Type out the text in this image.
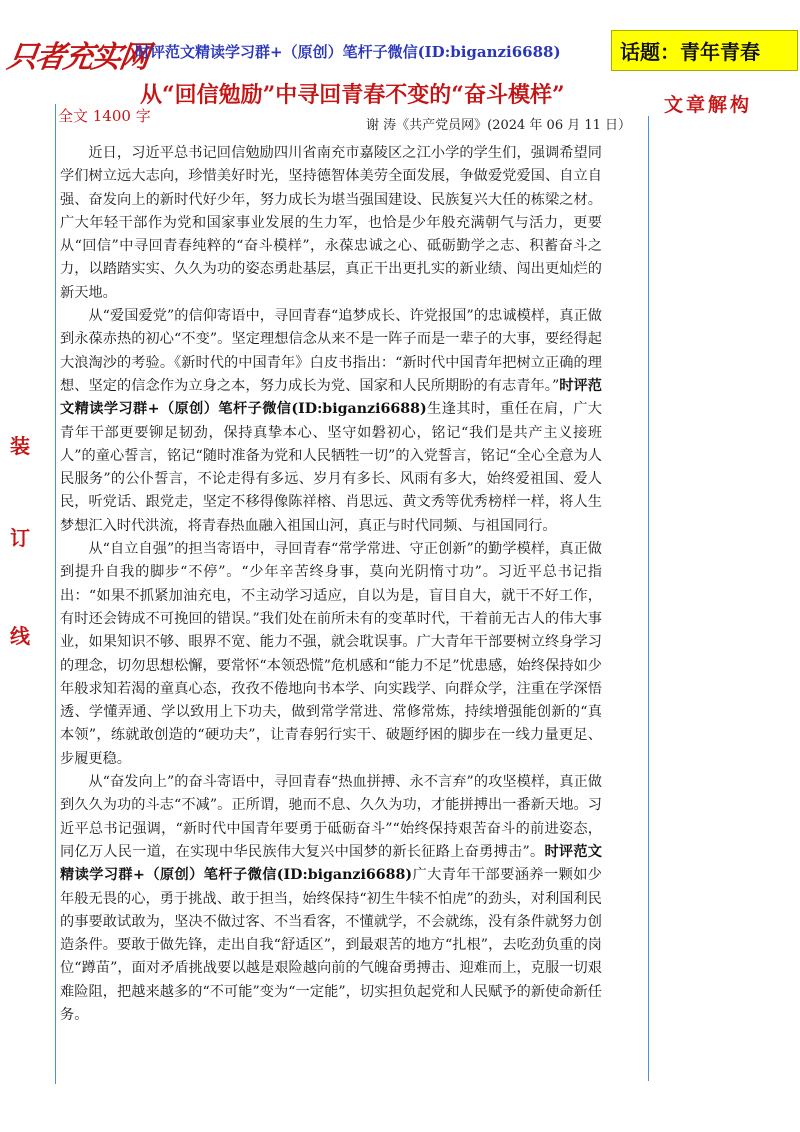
只者充实网
时评范文精读学习群+（原创）笔杆子微信(ID:biganzi6688)	话题：青年青春
从“回信勉励”中寻回青春不变的“奋斗模样”	文章解构
全文 1400 字
谢 涛《共产党员网》(2024 年 06 月 11 日）
装
订
线

近日，习近平总书记回信勉励四川省南充市嘉陵区之江小学的学生们，强调希望同学们树立远大志向，珍惜美好时光，坚持德智体美劳全面发展，争做爱党爱国、自立自强、奋发向上的新时代好少年，努力成长为堪当强国建设、民族复兴大任的栋梁之材。广大年轻干部作为党和国家事业发展的生力军，也恰是少年般充满朝气与活力，更要从“回信”中寻回青春纯粹的“奋斗模样”，永葆忠诚之心、砥砺勤学之志、积蓄奋斗之力，以踏踏实实、久久为功的姿态勇赴基层，真正干出更扎实的新业绩、闯出更灿烂的新天地。

从“爱国爱党”的信仰寄语中，寻回青春“追梦成长、许党报国”的忠诚模样，真正做到永葆赤热的初心“不变”。坚定理想信念从来不是一阵子而是一辈子的大事，要经得起大浪淘沙的考验。《新时代的中国青年》白皮书指出：“新时代中国青年把树立正确的理想、坚定的信念作为立身之本，努力成长为党、国家和人民所期盼的有志青年。”时评范文精读学习群+（原创）笔杆子微信(ID:biganzi6688)生逢其时，重任在肩，广大青年干部更要铆足韧劲，保持真挚本心、坚守如磐初心，铭记“我们是共产主义接班人”的童心誓言，铭记“随时准备为党和人民牺牲一切”的入党誓言，铭记“全心全意为人民服务”的公仆誓言，不论走得有多远、岁月有多长、风雨有多大，始终爱祖国、爱人民，听党话、跟党走，坚定不移得像陈祥榕、肖思远、黄文秀等优秀榜样一样，将人生梦想汇入时代洪流，将青春热血融入祖国山河，真正与时代同频、与祖国同行。

从“自立自强”的担当寄语中，寻回青春“常学常进、守正创新”的勤学模样，真正做到提升自我的脚步“不停”。“少年辛苦终身事，莫向光阴惰寸功”。习近平总书记指出：“如果不抓紧加油充电，不主动学习适应，自以为是，盲目自大，就干不好工作，有时还会铸成不可挽回的错误。”我们处在前所未有的变革时代，干着前无古人的伟大事业，如果知识不够、眼界不宽、能力不强，就会耽误事。广大青年干部要树立终身学习的理念，切勿思想松懈，要常怀“本领恐慌”危机感和“能力不足”忧患感，始终保持如少年般求知若渴的童真心态，孜孜不倦地向书本学、向实践学、向群众学，注重在学深悟透、学懂弄通、学以致用上下功夫，做到常学常进、常修常炼，持续增强能创新的“真本领”，练就敢创造的“硬功夫”，让青春躬行实干、破题纾困的脚步在一线力量更足、步履更稳。

从“奋发向上”的奋斗寄语中，寻回青春“热血拼搏、永不言弃”的攻坚模样，真正做到久久为功的斗志“不减”。正所谓，驰而不息、久久为功，才能拼搏出一番新天地。习近平总书记强调，“新时代中国青年要勇于砥砺奋斗”“始终保持艰苦奋斗的前进姿态，同亿万人民一道，在实现中华民族伟大复兴中国梦的新长征路上奋勇搏击”。时评范文精读学习群+（原创）笔杆子微信(ID:biganzi6688)广大青年干部要涵养一颗如少年般无畏的心，勇于挑战、敢于担当，始终保持“初生牛犊不怕虎”的劲头，对利国利民的事要敢试敢为，坚决不做过客、不当看客，不懂就学，不会就练，没有条件就努力创造条件。要敢于做先锋，走出自我“舒适区”，到最艰苦的地方“扎根”，去吃劲负重的岗位“蹲苗”，面对矛盾挑战要以越是艰险越向前的气魄奋勇搏击、迎难而上，克服一切艰难险阻，把越来越多的“不可能”变为“一定能”，切实担负起党和人民赋予的新使命新任务。
